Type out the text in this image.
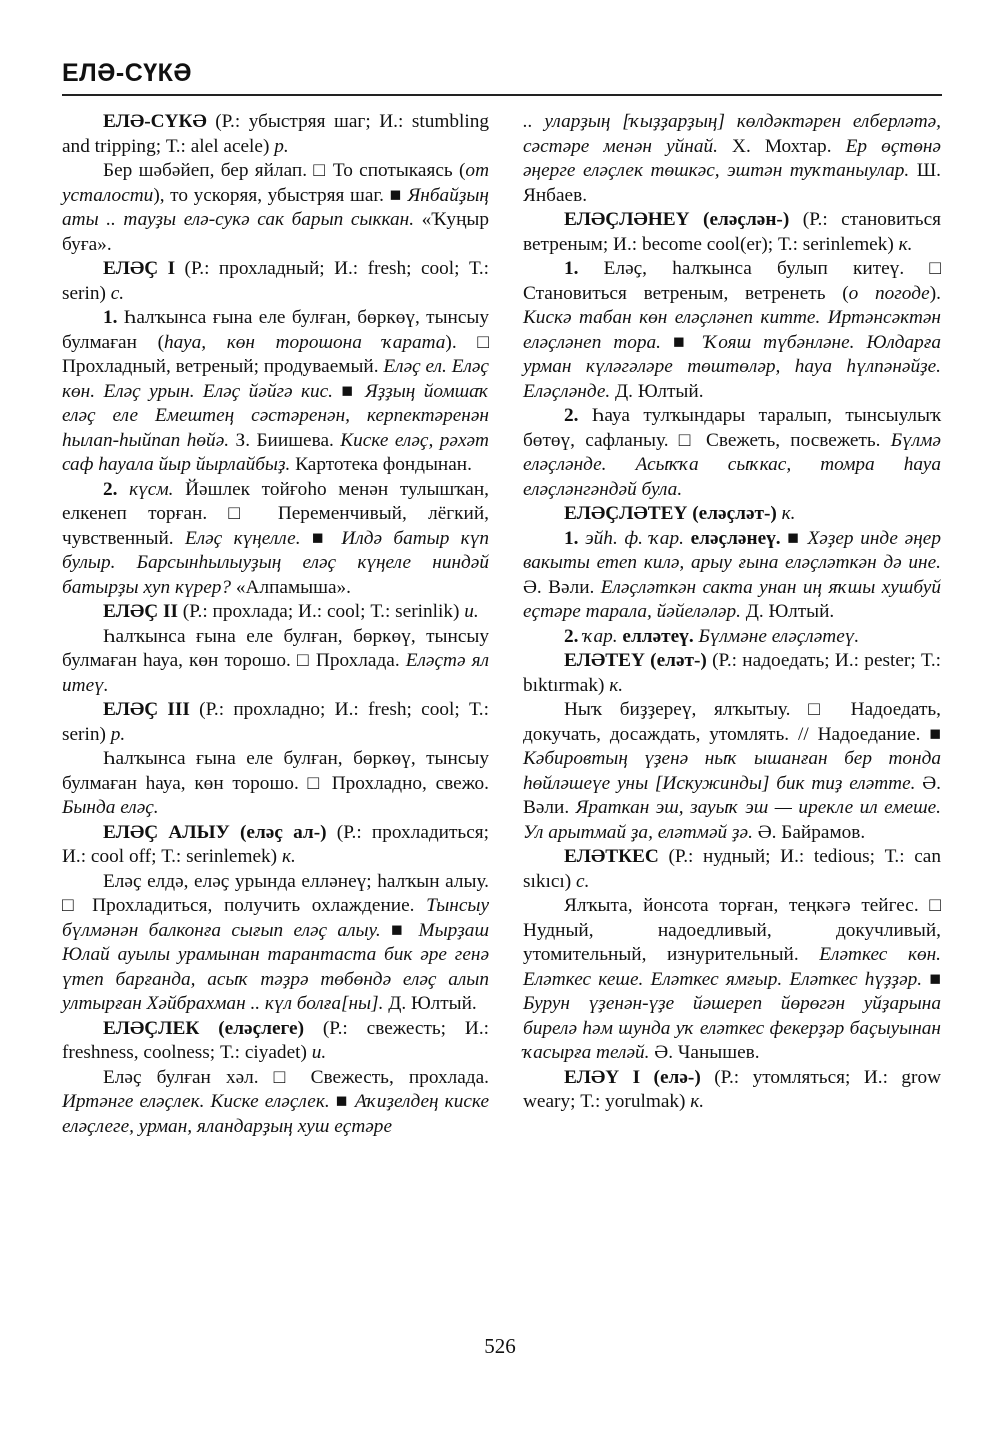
ЕЛӘ-СҮКӘ

ЕЛӘ-СҮКӘ (Р.: убыстряя шаг; И.: stumbling and tripping; Т.: alel acele) р.

Бер шәбәйеп, бер яйлап. □ То спотыкаясь (от усталости), то ускоряя, убыстряя шаг. ■ Янбайҙың аты .. тауҙы елә-сукә сак барып сыккан. «Ҡуңыр буға».

ЕЛӘҪ I (Р.: прохладный; И.: fresh; cool; Т.: serin) с.

1. Һалҡынса ғына еле булған, бөркөү, тынсыу булмаған (һауа, көн торошона ҡарата). □ Прохладный, ветреный; продуваемый. Еләҫ ел. Еләҫ көн. Еләҫ урын. Еләҫ йәйгә кис. ■ Яҙҙың йомшаҡ еләҫ еле Емештең сәстәренән, керпектәренән һылап-һыйпап һөйә. З. Биишева. Киске еләҫ, рәхәт саф һауала йыр йырлайбыҙ. Картотека фондынан.

2. күсм. Йәшлек тойғоһо менән тулышҡан, елкенеп торған. □ Переменчивый, лёгкий, чувственный. Еләҫ күңелле. ■ Илдә батыр күп булыр. Барсынһылыуҙың еләҫ күңеле ниндәй батырҙы хуп күрер? «Алпамыша».

ЕЛӘҪ II (Р.: прохлада; И.: cool; Т.: serinlik) и.

Һалҡынса ғына еле булған, бөркөү, тынсыу булмаған һауа, көн торошо. □ Прохлада. Еләҫтә ял итеү.

ЕЛӘҪ III (Р.: прохладно; И.: fresh; cool; Т.: serin) р.

Һалҡынса ғына еле булған, бөркөү, тынсыу булмаған һауа, көн торошо. □ Прохладно, свежо. Бында еләҫ.

ЕЛӘҪ АЛЫУ (еләҫ ал-) (Р.: прохладиться; И.: cool off; Т.: serinlemek) к.

Еләҫ елдә, еләҫ урында елләнеү; һалҡын алыу. □ Прохладиться, получить охлаждение. Тынсыу бүлмәнән балконға сығып еләҫ алыу. ■ Мырҙаш Юлай ауылы урамынан тарантаста бик әре генә үтеп барғанда, асыҡ тәҙрә төбөндә еләҫ алып ултырған Хәйбрахман .. күл болға[ны]. Д. Юлтый.

ЕЛӘҪЛЕК (еләҫлеге) (Р.: свежесть; И.: freshness, coolness; Т.: ciyadet) и.

Еләҫ булған хәл. □ Свежесть, прохлада. Иртәнге еләҫлек. Киске еләҫлек. ■ Аҡиҙелдең киске еләҫлеге, урман, яландарҙың хуш еҫтәре

.. уларҙың [ҡыҙҙарҙың] көлдәктәрен елберләтә, сәстәре менән уйнай. Х. Мохтар. Ер өҫтөнә әңерге еләҫлек төшкәс, эштән туҡтаныулар. Ш. Янбаев.

ЕЛӘҪЛӘНЕҮ (еләҫлән-) (Р.: становиться ветреным; И.: become cool(er); Т.: serinlemek) к.

1. Еләҫ, һалҡынса булып китеү. □ Становиться ветреным, ветренеть (о погоде). Кискә табан көн еләҫләнеп китте. Иртәнсәктән еләҫләнеп тора. ■ Ҡояш түбәнләне. Юлдарға урман күләгәләре төштөләр, һауа һүлпәнәйҙе. Еләҫләнде. Д. Юлтый.

2. Һауа тулҡындары таралып, тынсыулыҡ бөтөү, сафланыу. □ Свежеть, посвежеть. Бүлмә еләҫләнде. Асыҡҡа сыҡкас, томра һауа еләҫләнгәндәй була.

ЕЛӘҪЛӘТЕҮ (еләҫләт-) к.

1. эйһ. ф. ҡар. еләҫләнеү. ■ Хәҙер инде әңер вакыты етеп килә, арыу ғына еләҫләткән дә ине. Ә. Вәли. Еләҫләткән сакта унан иң яҡшы хушбуй еҫтәре тарала, йәйеләләр. Д. Юлтый.

2. ҡар. елләтеү. Бүлмәне еләҫләтеү.

ЕЛӘТЕҮ (еләт-) (Р.: надоедать; И.: pester; Т.: bıktırmak) к.

Ныҡ биҙҙереү, ялҡытыу. □ Надоедать, докучать, досаждать, утомлять. // Надоедание. ■ Кәбировтың үҙенә ныҡ ышанған бер тонда һөйләшеүе уны [Искужинды] бик тиҙ еләтте. Ә. Вәли. Яраткан эш, зауыҡ эш — ирекле ил емеше. Ул арытмай ҙа, еләтмәй ҙә. Ә. Байрамов.

ЕЛӘТКЕС (Р.: нудный; И.: tedious; Т.: can sıkıcı) с.

Ялҡыта, йонсота торған, теңкәгә тейгес. □ Нудный, надоедливый, докучливый, утомительный, изнурительный. Еләткес көн. Еләткес кеше. Еләткес ямғыр. Еләткес һүҙҙәр. ■ Бурун үҙенән-үҙе йәшереп йөрөгән уйҙарына бирелә һәм шунда уҡ еләткес фекерҙәр баҫыуынан ҡасырға теләй. Ә. Чанышев.

ЕЛӘҮ I (елә-) (Р.: утомляться; И.: grow weary; Т.: yorulmak) к.

526
